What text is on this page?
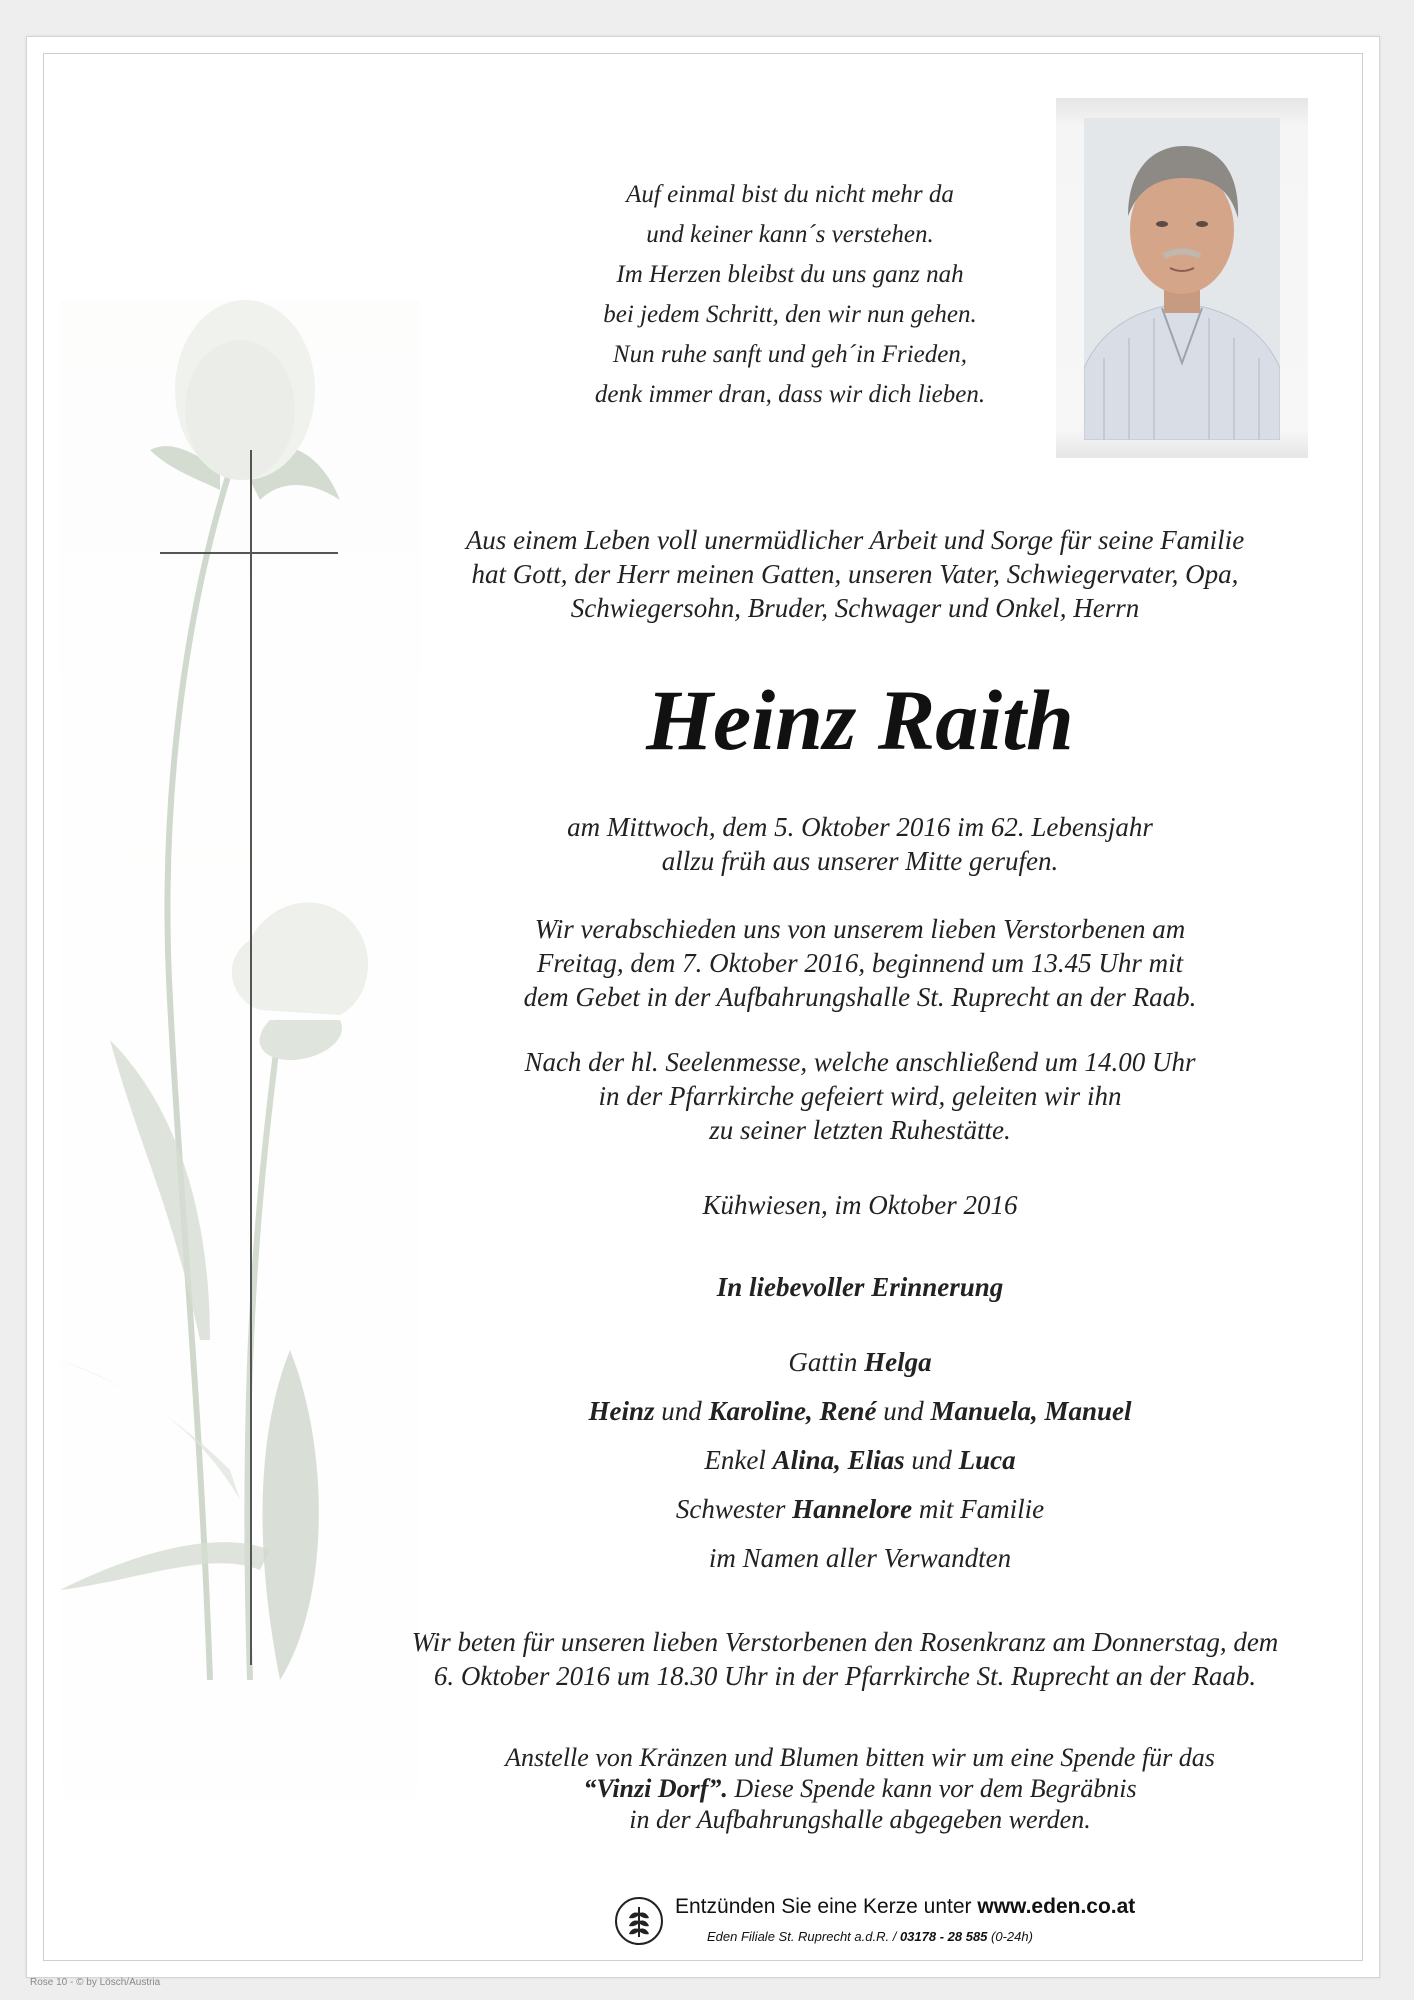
Auf einmal bist du nicht mehr da
und keiner kann´s verstehen.
Im Herzen bleibst du uns ganz nah
bei jedem Schritt, den wir nun gehen.
Nun ruhe sanft und geh´in Frieden,
denk immer dran, dass wir dich lieben.
Aus einem Leben voll unermüdlicher Arbeit und Sorge für seine Familie
hat Gott, der Herr meinen Gatten, unseren Vater, Schwiegervater, Opa,
Schwiegersohn, Bruder, Schwager und Onkel, Herrn
Heinz Raith
am Mittwoch, dem 5. Oktober 2016 im 62. Lebensjahr
allzu früh aus unserer Mitte gerufen.
Wir verabschieden uns von unserem lieben Verstorbenen am
Freitag, dem 7. Oktober 2016, beginnend um 13.45 Uhr mit
dem Gebet in der Aufbahrungshalle St. Ruprecht an der Raab.
Nach der hl. Seelenmesse, welche anschließend um 14.00 Uhr
in der Pfarrkirche gefeiert wird, geleiten wir ihn
zu seiner letzten Ruhestätte.
Kühwiesen, im Oktober 2016
In liebevoller Erinnerung
Gattin Helga
Heinz und Karoline, René und Manuela, Manuel
Enkel Alina, Elias und Luca
Schwester Hannelore mit Familie
im Namen aller Verwandten
Wir beten für unseren lieben Verstorbenen den Rosenkranz am Donnerstag, dem
6. Oktober 2016 um 18.30 Uhr in der Pfarrkirche St. Ruprecht an der Raab.
Anstelle von Kränzen und Blumen bitten wir um eine Spende für das
“Vinzi Dorf”. Diese Spende kann vor dem Begräbnis
in der Aufbahrungshalle abgegeben werden.
Entzünden Sie eine Kerze unter www.eden.co.at
Eden Filiale St. Ruprecht a.d.R. / 03178 - 28 585 (0-24h)
Rose 10 - © by Lösch/Austria
